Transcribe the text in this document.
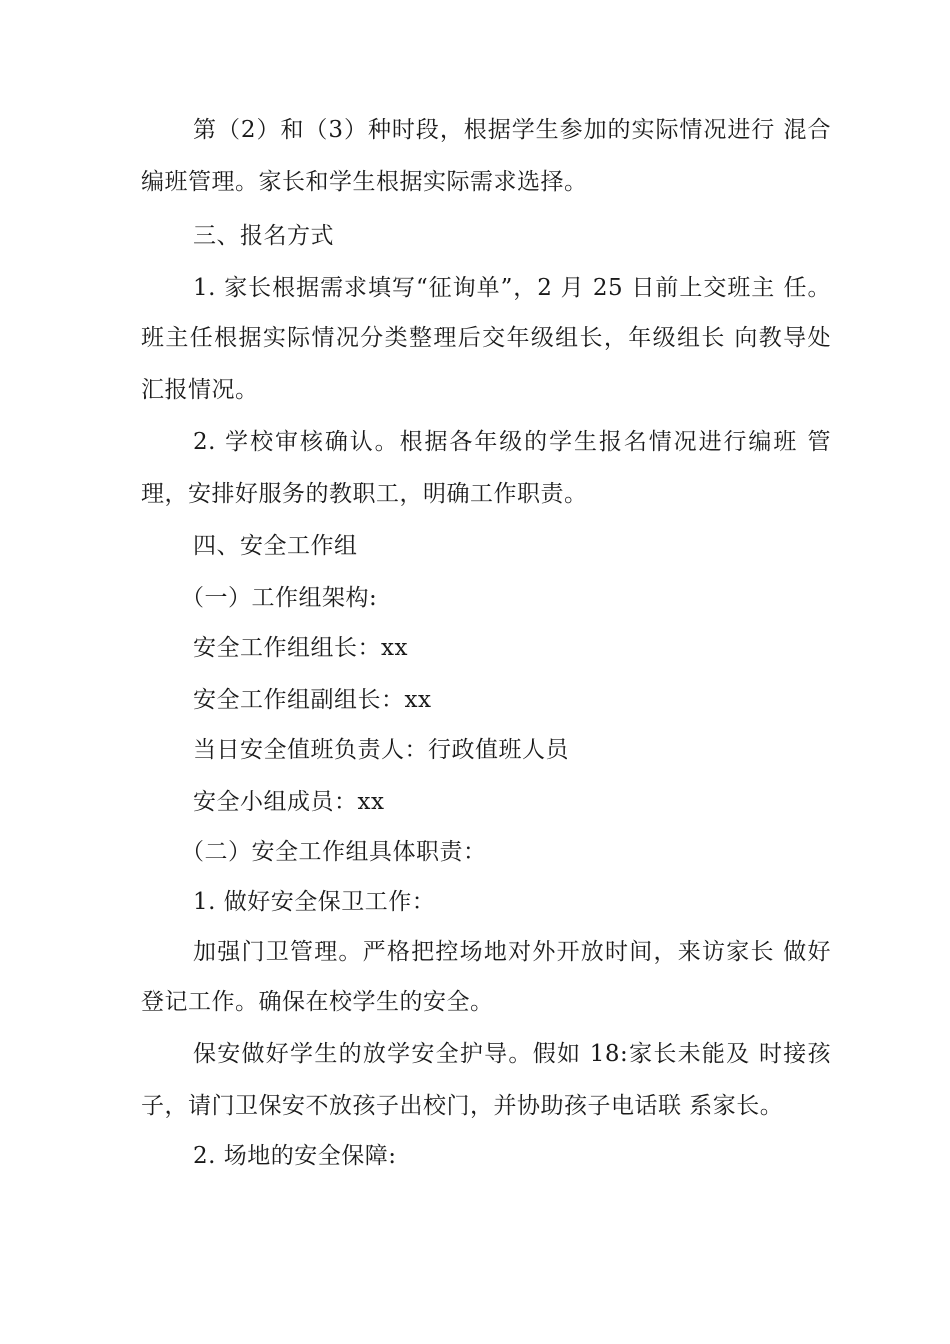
第（2）和（3）种时段，根据学生参加的实际情况进行 混合
编班管理。家长和学生根据实际需求选择。
三、报名方式
1. 家长根据需求填写“征询单”，2 月 25 日前上交班主 任。
班主任根据实际情况分类整理后交年级组长，年级组长 向教导处
汇报情况。
2. 学校审核确认。根据各年级的学生报名情况进行编班 管
理，安排好服务的教职工，明确工作职责。
四、安全工作组
（一）工作组架构:
安全工作组组长：xx
安全工作组副组长：xx
当日安全值班负责人：行政值班人员
安全小组成员：xx
（二）安全工作组具体职责：
1. 做好安全保卫工作：
加强门卫管理。严格把控场地对外开放时间，来访家长 做好
登记工作。确保在校学生的安全。
保安做好学生的放学安全护导。假如 18:家长未能及 时接孩
子，请门卫保安不放孩子出校门，并协助孩子电话联 系家长。
2. 场地的安全保障:
